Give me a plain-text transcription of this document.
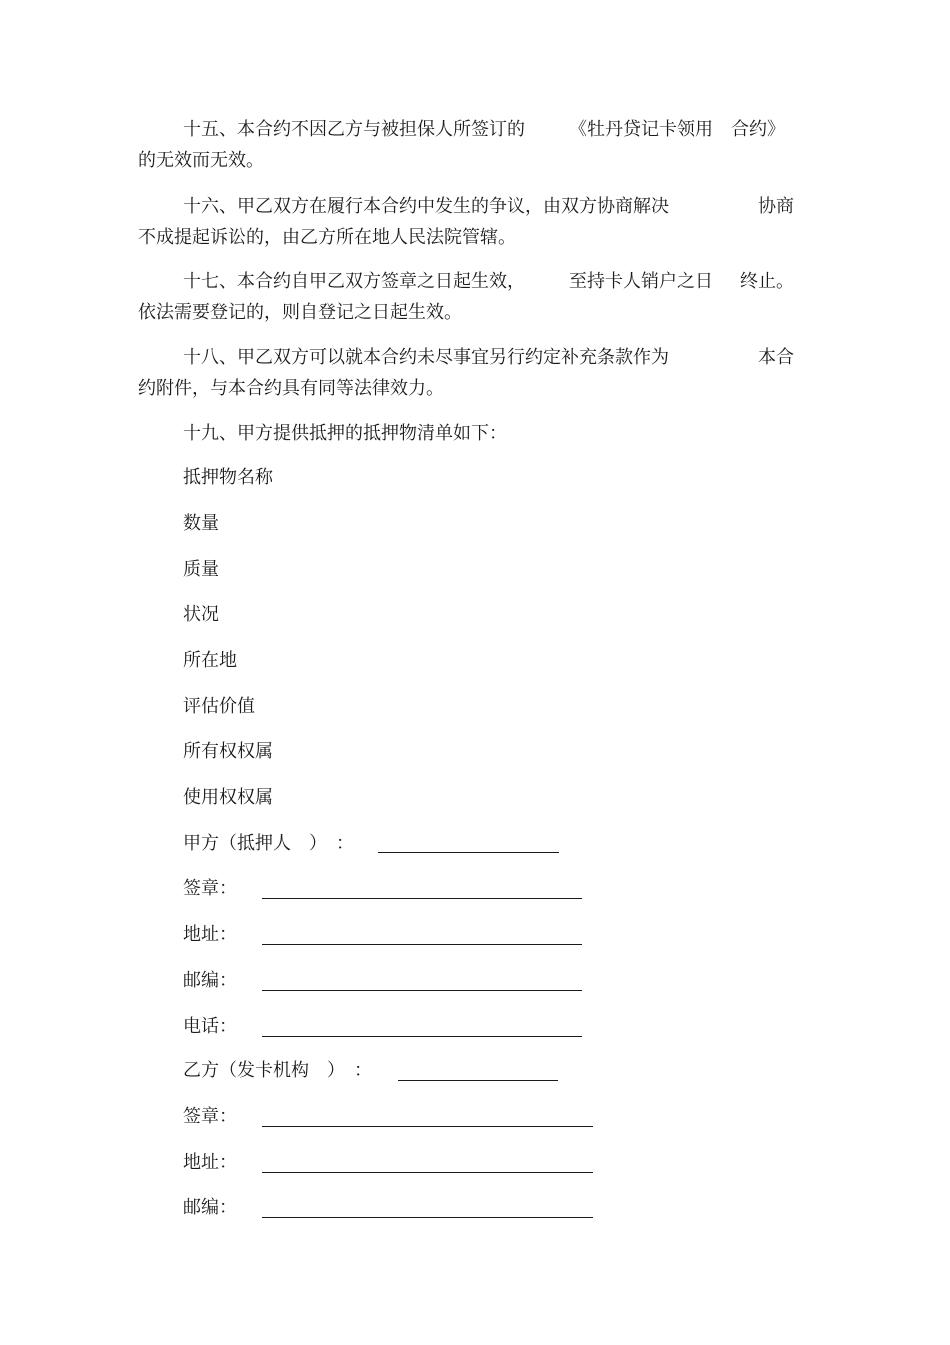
十五、本合约不因乙方与被担保人所签订的 《牡丹贷记卡领用　合约》
的无效而无效。
十六、甲乙双方在履行本合约中发生的争议，由双方协商解决	协商
不成提起诉讼的，由乙方所在地人民法院管辖。
十七、本合约自甲乙双方签章之日起生效， 至持卡人销户之日 终止。
依法需要登记的，则自登记之日起生效。
十八、甲乙双方可以就本合约未尽事宜另行约定补充条款作为	本合
约附件，与本合约具有同等法律效力。
十九、甲方提供抵押的抵押物清单如下：
抵押物名称
数量
质量
状况
所在地
评估价值
所有权权属
使用权权属
甲方（抵押人　）　：
签章：
地址：
邮编：
电话：
乙方（发卡机构　）　：
签章：
地址：
邮编：
